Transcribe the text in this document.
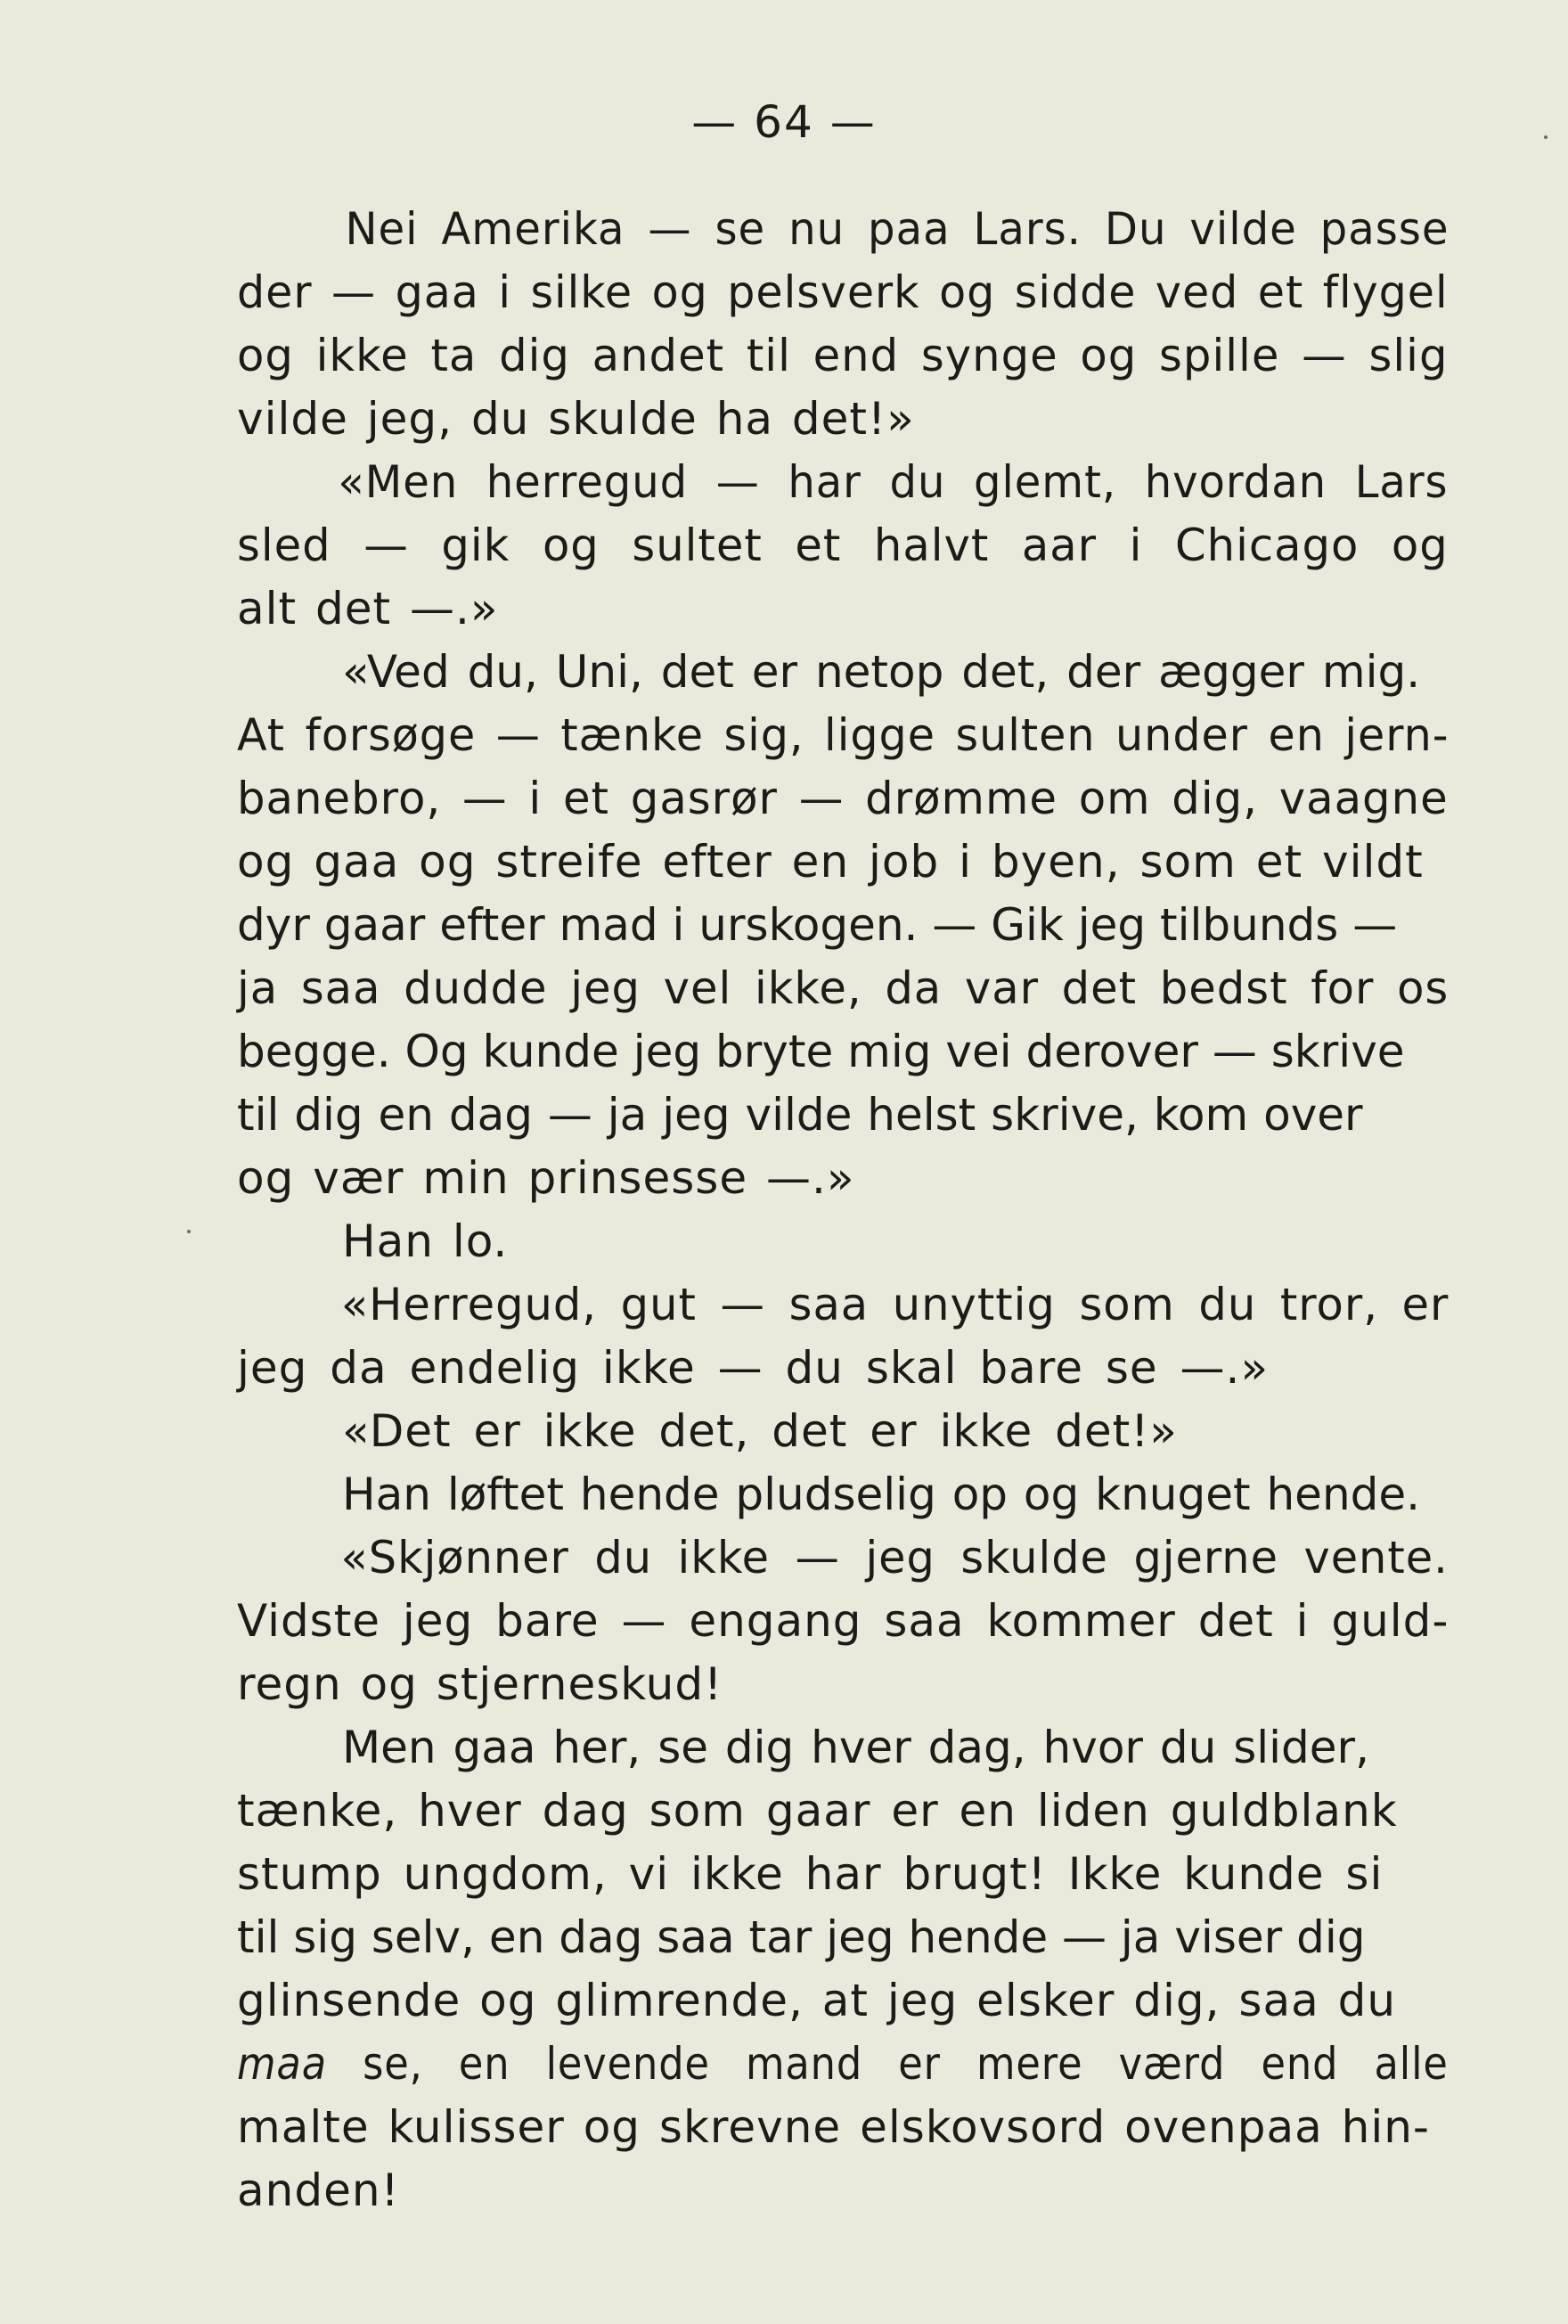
— 64 —
Nei Amerika — se nu paa Lars. Du vilde passe
der — gaa i silke og pelsverk og sidde ved et flygel
og ikke ta dig andet til end synge og spille — slig
vilde jeg, du skulde ha det!»
«Men herregud — har du glemt, hvordan Lars
sled — gik og sultet et halvt aar i Chicago og
alt det —.»
«Ved du, Uni, det er netop det, der ægger mig.
At forsøge — tænke sig, ligge sulten under en jern-
banebro, — i et gasrør — drømme om dig, vaagne
og gaa og streife efter en job i byen, som et vildt
dyr gaar efter mad i urskogen. — Gik jeg tilbunds —
ja saa dudde jeg vel ikke, da var det bedst for os
begge. Og kunde jeg bryte mig vei derover — skrive
til dig en dag — ja jeg vilde helst skrive, kom over
og vær min prinsesse —.»
Han lo.
«Herregud, gut — saa unyttig som du tror, er
jeg da endelig ikke — du skal bare se —.»
«Det er ikke det, det er ikke det!»
Han løftet hende pludselig op og knuget hende.
«Skjønner du ikke — jeg skulde gjerne vente.
Vidste jeg bare — engang saa kommer det i guld-
regn og stjerneskud!
Men gaa her, se dig hver dag, hvor du slider,
tænke, hver dag som gaar er en liden guldblank
stump ungdom, vi ikke har brugt! Ikke kunde si
til sig selv, en dag saa tar jeg hende — ja viser dig
glinsende og glimrende, at jeg elsker dig, saa du
maa se, en levende mand er mere værd end alle
malte kulisser og skrevne elskovsord ovenpaa hin-
anden!
